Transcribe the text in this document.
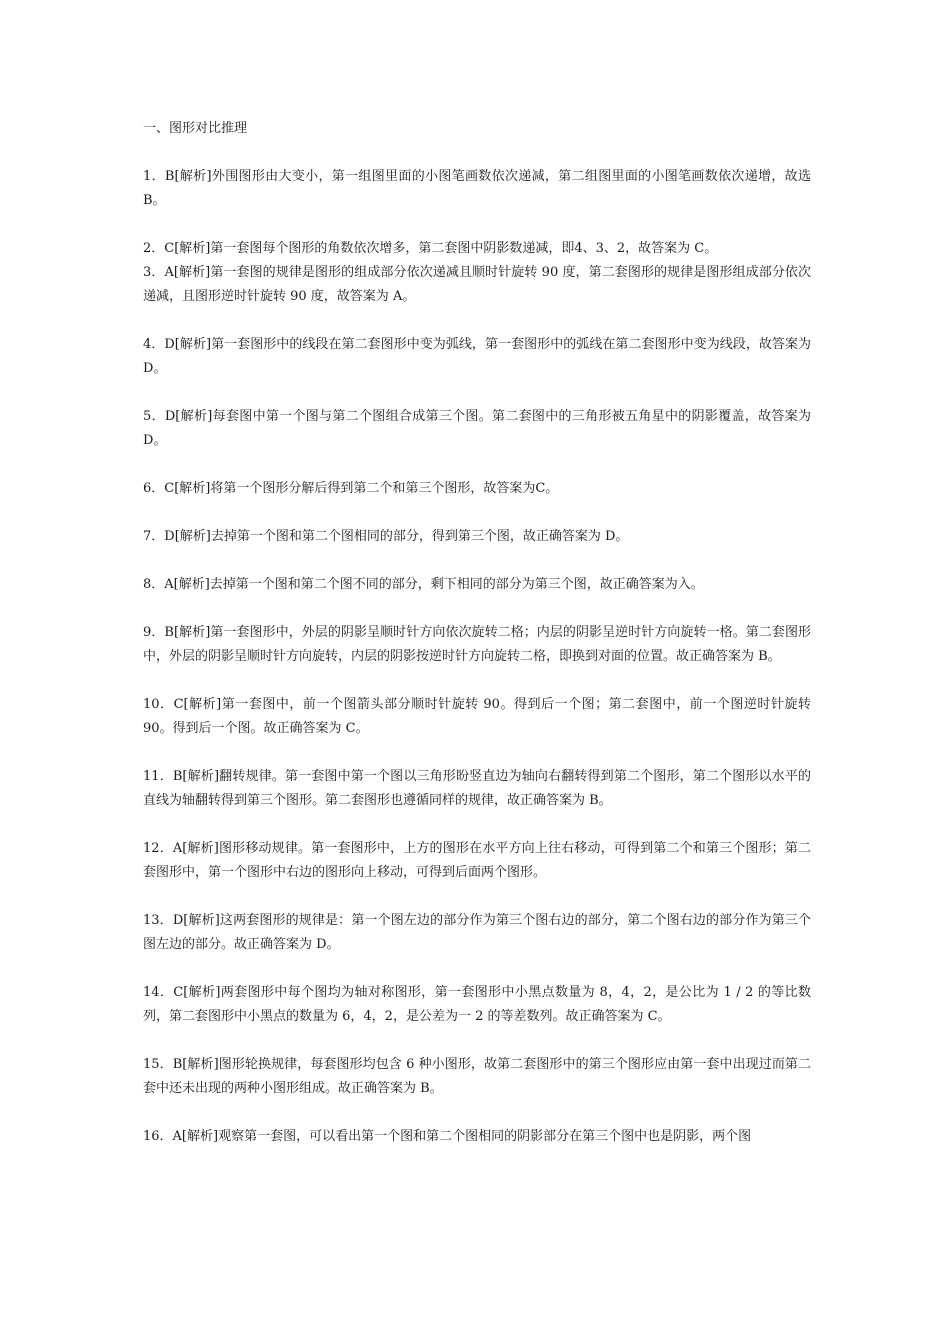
一、图形对比推理
1．B[解析]外围图形由大变小，第一组图里面的小图笔画数依次递减，第二组图里面的小图笔画数依次递增，故选 B。
2．C[解析]第一套图每个图形的角数依次增多，第二套图中阴影数递减，即4、3、2，故答案为 C。
3．A[解析]第一套图的规律是图形的组成部分依次递减且顺时针旋转 90 度，第二套图形的规律是图形组成部分依次递减，且图形逆时针旋转 90 度，故答案为 A。
4．D[解析]第一套图形中的线段在第二套图形中变为弧线，第一套图形中的弧线在第二套图形中变为线段，故答案为 D。
5．D[解析]每套图中第一个图与第二个图组合成第三个图。第二套图中的三角形被五角星中的阴影覆盖，故答案为 D。
6．C[解析]将第一个图形分解后得到第二个和第三个图形，故答案为C。
7．D[解析]去掉第一个图和第二个图相同的部分，得到第三个图，故正确答案为 D。
8．A[解析]去掉第一个图和第二个图不同的部分，剩下相同的部分为第三个图，故正确答案为入。
9．B[解析]第一套图形中，外层的阴影呈顺时针方向依次旋转二格；内层的阴影呈逆时针方向旋转一格。第二套图形中，外层的阴影呈顺时针方向旋转，内层的阴影按逆时针方向旋转二格，即换到对面的位置。故正确答案为 B。
10．C[解析]第一套图中，前一个图箭头部分顺时针旋转 90。得到后一个图；第二套图中，前一个图逆时针旋转 90。得到后一个图。故正确答案为 C。
11．B[解析]翻转规律。第一套图中第一个图以三角形盼竖直边为轴向右翻转得到第二个图形，第二个图形以水平的直线为轴翻转得到第三个图形。第二套图形也遵循同样的规律，故正确答案为 B。
12．A[解析]图形移动规律。第一套图形中，上方的图形在水平方向上往右移动，可得到第二个和第三个图形；第二套图形中，第一个图形中右边的图形向上移动，可得到后面两个图形。
13．D[解析]这两套图形的规律是：第一个图左边的部分作为第三个图右边的部分，第二个图右边的部分作为第三个图左边的部分。故正确答案为 D。
14．C[解析]两套图形中每个图均为轴对称图形，第一套图形中小黑点数量为 8，4，2，是公比为 1 / 2 的等比数列，第二套图形中小黑点的数量为 6，4，2，是公差为一 2 的等差数列。故正确答案为 C。
15．B[解析]图形轮换规律，每套图形均包含 6 种小图形，故第二套图形中的第三个图形应由第一套中出现过而第二套中还未出现的两种小图形组成。故正确答案为 B。
16．A[解析]观察第一套图，可以看出第一个图和第二个图相同的阴影部分在第三个图中也是阴影，两个图
